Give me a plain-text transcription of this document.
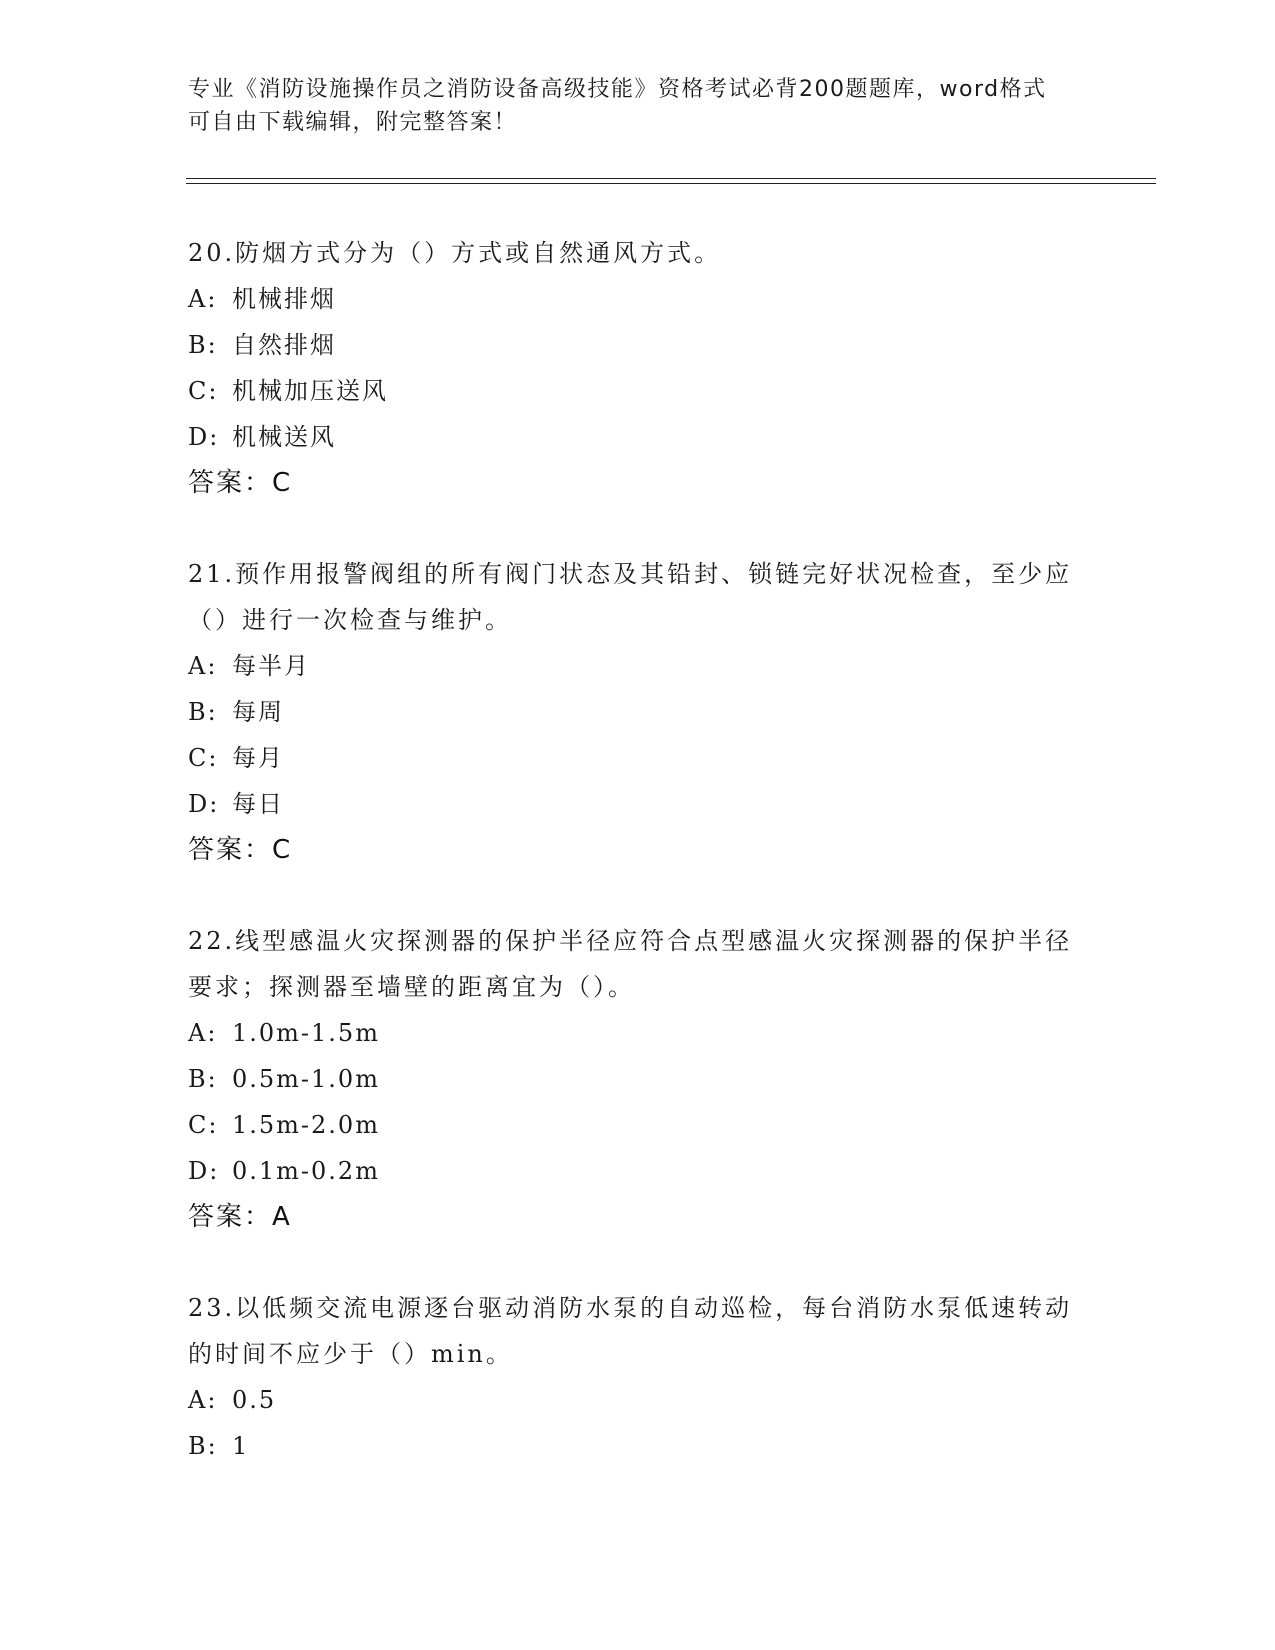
专业《消防设施操作员之消防设备高级技能》资格考试必背200题题库，word格式可自由下载编辑，附完整答案！

20.防烟方式分为（）方式或自然通风方式。

A: 机械排烟

B: 自然排烟

C: 机械加压送风

D: 机械送风

答案：C

21.预作用报警阀组的所有阀门状态及其铅封、锁链完好状况检查，至少应（）进行一次检查与维护。

A: 每半月

B: 每周

C: 每月

D: 每日

答案：C

22.线型感温火灾探测器的保护半径应符合点型感温火灾探测器的保护半径要求；探测器至墙壁的距离宜为（）。

A: 1.0m-1.5m

B: 0.5m-1.0m

C: 1.5m-2.0m

D: 0.1m-0.2m

答案：A

23.以低频交流电源逐台驱动消防水泵的自动巡检，每台消防水泵低速转动的时间不应少于（）min。

A: 0.5

B: 1
